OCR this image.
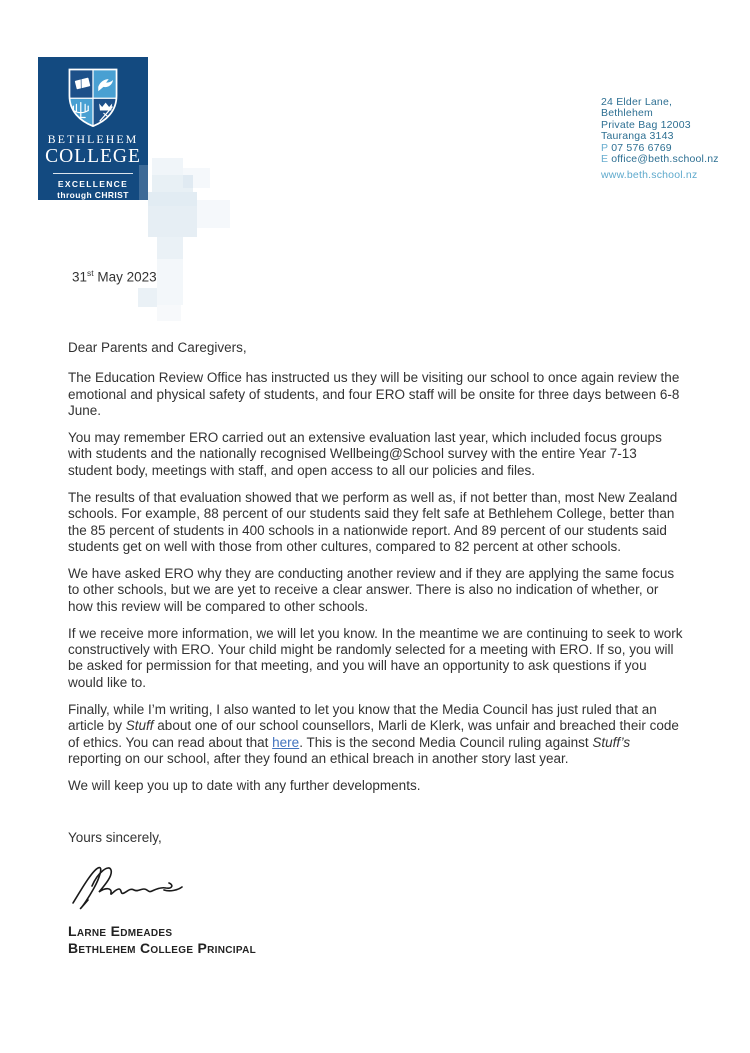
BETHLEHEM
COLLEGE
EXCELLENCE
through CHRIST
24 Elder Lane,
Bethlehem
Private Bag 12003
Tauranga 3143
P 07 576 6769
E office@beth.school.nz
www.beth.school.nz

31st May 2023

Dear Parents and Caregivers,

The Education Review Office has instructed us they will be visiting our school to once again review the emotional and physical safety of students, and four ERO staff will be onsite for three days between 6-8 June.

You may remember ERO carried out an extensive evaluation last year, which included focus groups with students and the nationally recognised Wellbeing@School survey with the entire Year 7-13 student body, meetings with staff, and open access to all our policies and files.

The results of that evaluation showed that we perform as well as, if not better than, most New Zealand schools. For example, 88 percent of our students said they felt safe at Bethlehem College, better than the 85 percent of students in 400 schools in a nationwide report. And 89 percent of our students said students get on well with those from other cultures, compared to 82 percent at other schools.

We have asked ERO why they are conducting another review and if they are applying the same focus to other schools, but we are yet to receive a clear answer. There is also no indication of whether, or how this review will be compared to other schools.

If we receive more information, we will let you know. In the meantime we are continuing to seek to work constructively with ERO. Your child might be randomly selected for a meeting with ERO. If so, you will be asked for permission for that meeting, and you will have an opportunity to ask questions if you would like to.

Finally, while I’m writing, I also wanted to let you know that the Media Council has just ruled that an article by Stuff about one of our school counsellors, Marli de Klerk, was unfair and breached their code of ethics. You can read about that here. This is the second Media Council ruling against Stuff’s reporting on our school, after they found an ethical breach in another story last year.

We will keep you up to date with any further developments.

Yours sincerely,

Larne Edmeades

Bethlehem College Principal
